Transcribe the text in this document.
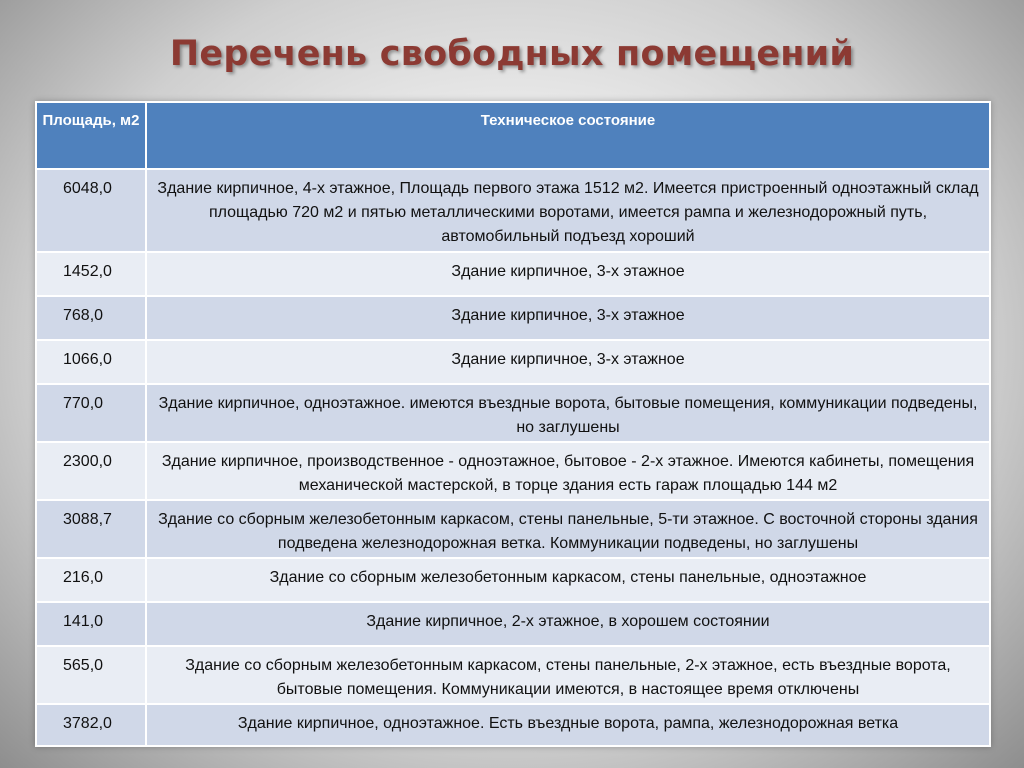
Перечень свободных помещений
Площадь, м2	Техническое состояние
6048,0	Здание кирпичное, 4-х этажное, Площадь первого этажа 1512 м2. Имеется пристроенный одноэтажный склад площадью 720 м2 и пятью металлическими воротами, имеется рампа и железнодорожный путь, автомобильный подъезд хороший
1452,0	Здание кирпичное, 3-х этажное
768,0	Здание кирпичное, 3-х этажное
1066,0	Здание кирпичное, 3-х этажное
770,0	Здание кирпичное, одноэтажное. имеются въездные ворота, бытовые помещения, коммуникации подведены, но заглушены
2300,0	Здание кирпичное, производственное - одноэтажное, бытовое - 2-х этажное. Имеются кабинеты, помещения механической мастерской, в торце здания есть гараж площадью 144 м2
3088,7	Здание со сборным железобетонным каркасом, стены панельные, 5-ти этажное. С восточной стороны здания подведена железнодорожная ветка. Коммуникации подведены, но заглушены
216,0	Здание со сборным железобетонным каркасом, стены панельные, одноэтажное
141,0	Здание кирпичное, 2-х этажное, в хорошем состоянии
565,0	Здание со сборным железобетонным каркасом, стены панельные, 2-х этажное, есть въездные ворота, бытовые помещения. Коммуникации имеются, в настоящее время отключены
3782,0	Здание кирпичное, одноэтажное. Есть въездные ворота, рампа, железнодорожная ветка
